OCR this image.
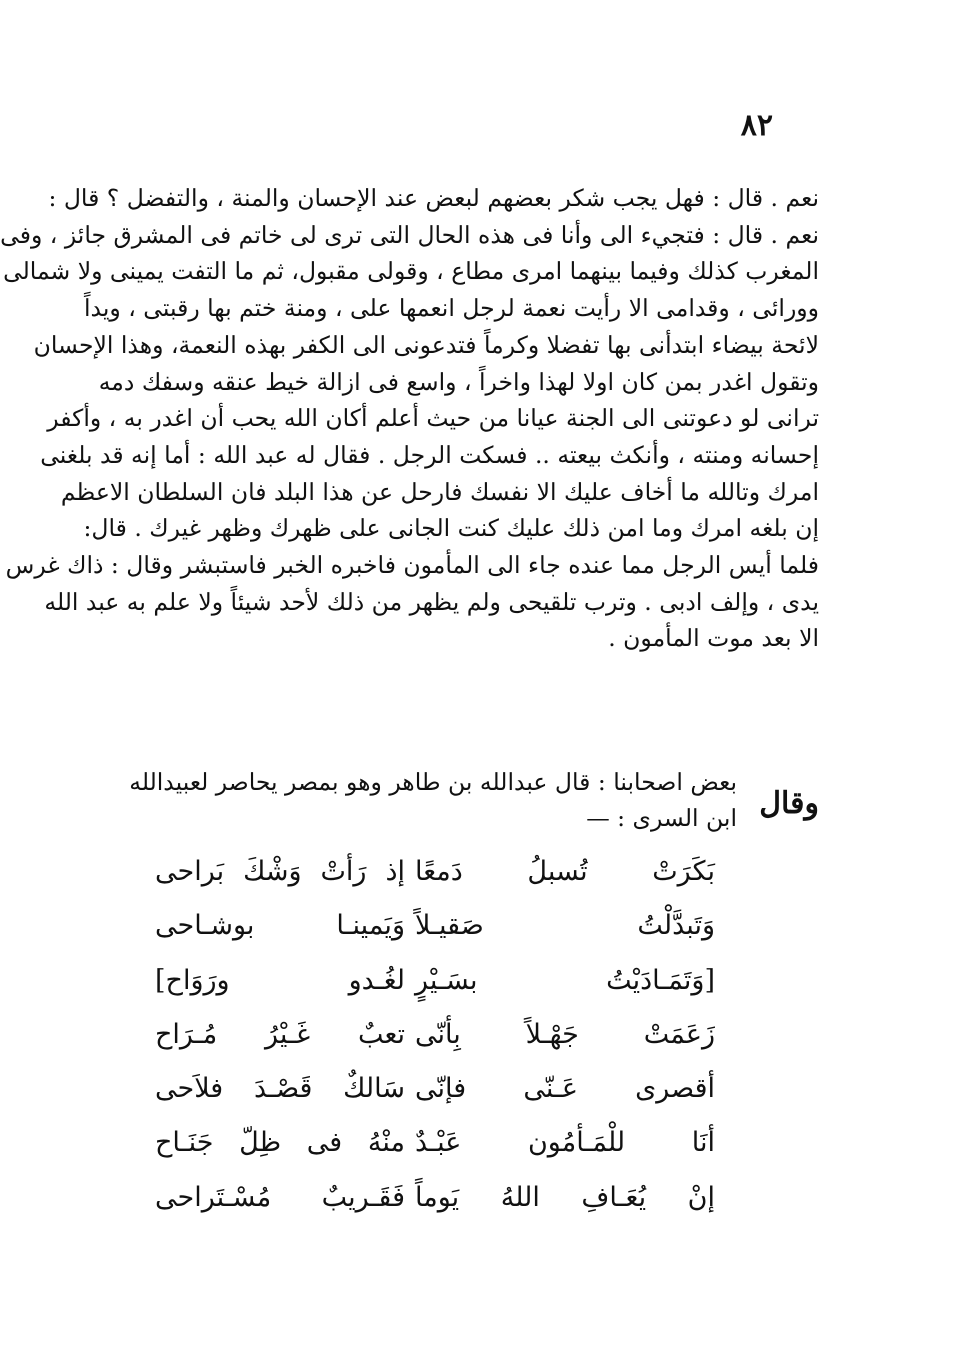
٨٢
نعم . قال : فهل يجب شكر بعضهم لبعض عند الإحسان والمنة ، والتفضل ؟ قال :
نعم . قال : فتجيء الى وأنا فى هذه الحال التى ترى لى خاتم فى المشرق جائز ، وفى
المغرب كذلك وفيما بينهما امرى مطاع ، وقولى مقبول، ثم ما التفت يمينى ولا شمالى
وورائى ، وقدامى الا رأيت نعمة لرجل انعمها على ، ومنة ختم بها رقبتى ، ويداً
لائحة بيضاء ابتدأنى بها تفضلا وكرماً فتدعونى الى الكفر بهذه النعمة، وهذا الإحسان
وتقول اغدر بمن كان اولا لهذا واخراً ، واسع فى ازالة خيط عنقه وسفك دمه
ترانى لو دعوتنى الى الجنة عيانا من حيث أعلم أكان الله يحب أن اغدر به ، وأكفر
إحسانه ومنته ، وأنكث بيعته .. فسكت الرجل . فقال له عبد الله : أما إنه قد بلغنى
امرك وتالله ما أخاف عليك الا نفسك فارحل عن هذا البلد فان السلطان الاعظم
إن بلغه امرك وما امن ذلك عليك كنت الجانى على ظهرك وظهر غيرك . قال:
فلما أيس الرجل مما عنده جاء الى المأمون فاخبره الخبر فاستبشر وقال : ذاك غرس
يدى ، وإلف ادبى . وترب تلقيحى ولم يظهر من ذلك لأحد شيئاً ولا علم به عبد الله
الا بعد موت المأمون .
وقال
بعض اصحابنا : قال عبدالله بن طاهر وهو بمصر يحاصر لعبيدالله
ابن السرى : —
بَكَرَتْ تُسبلُ دَمعًا
إذ رَأتْ وَشْكَ بَراحى
وَتَبدَّلْتُ صَقيـلاً
وَيَمينـا بوشـاحى
[وَتَمَـادَيْتُ بسَـيْرٍ
لغُـدو ورَوَاح]
زَعَمَتْ جَهْـلاً بِأنّى
تعبٌ غَـيْرُ مُـرَاح
أقصرى عَـنّى فإنّى
سَالكٌ قَصْـدَ فلاَحى
أنَا للْمَـأمُون عَبْـدٌ
منْهُ فى ظِلّ جَنَـاح
إنْ يُعَـافِ اللهُ يَوماً
فَقَـريبٌ مُسْـتَراحى
